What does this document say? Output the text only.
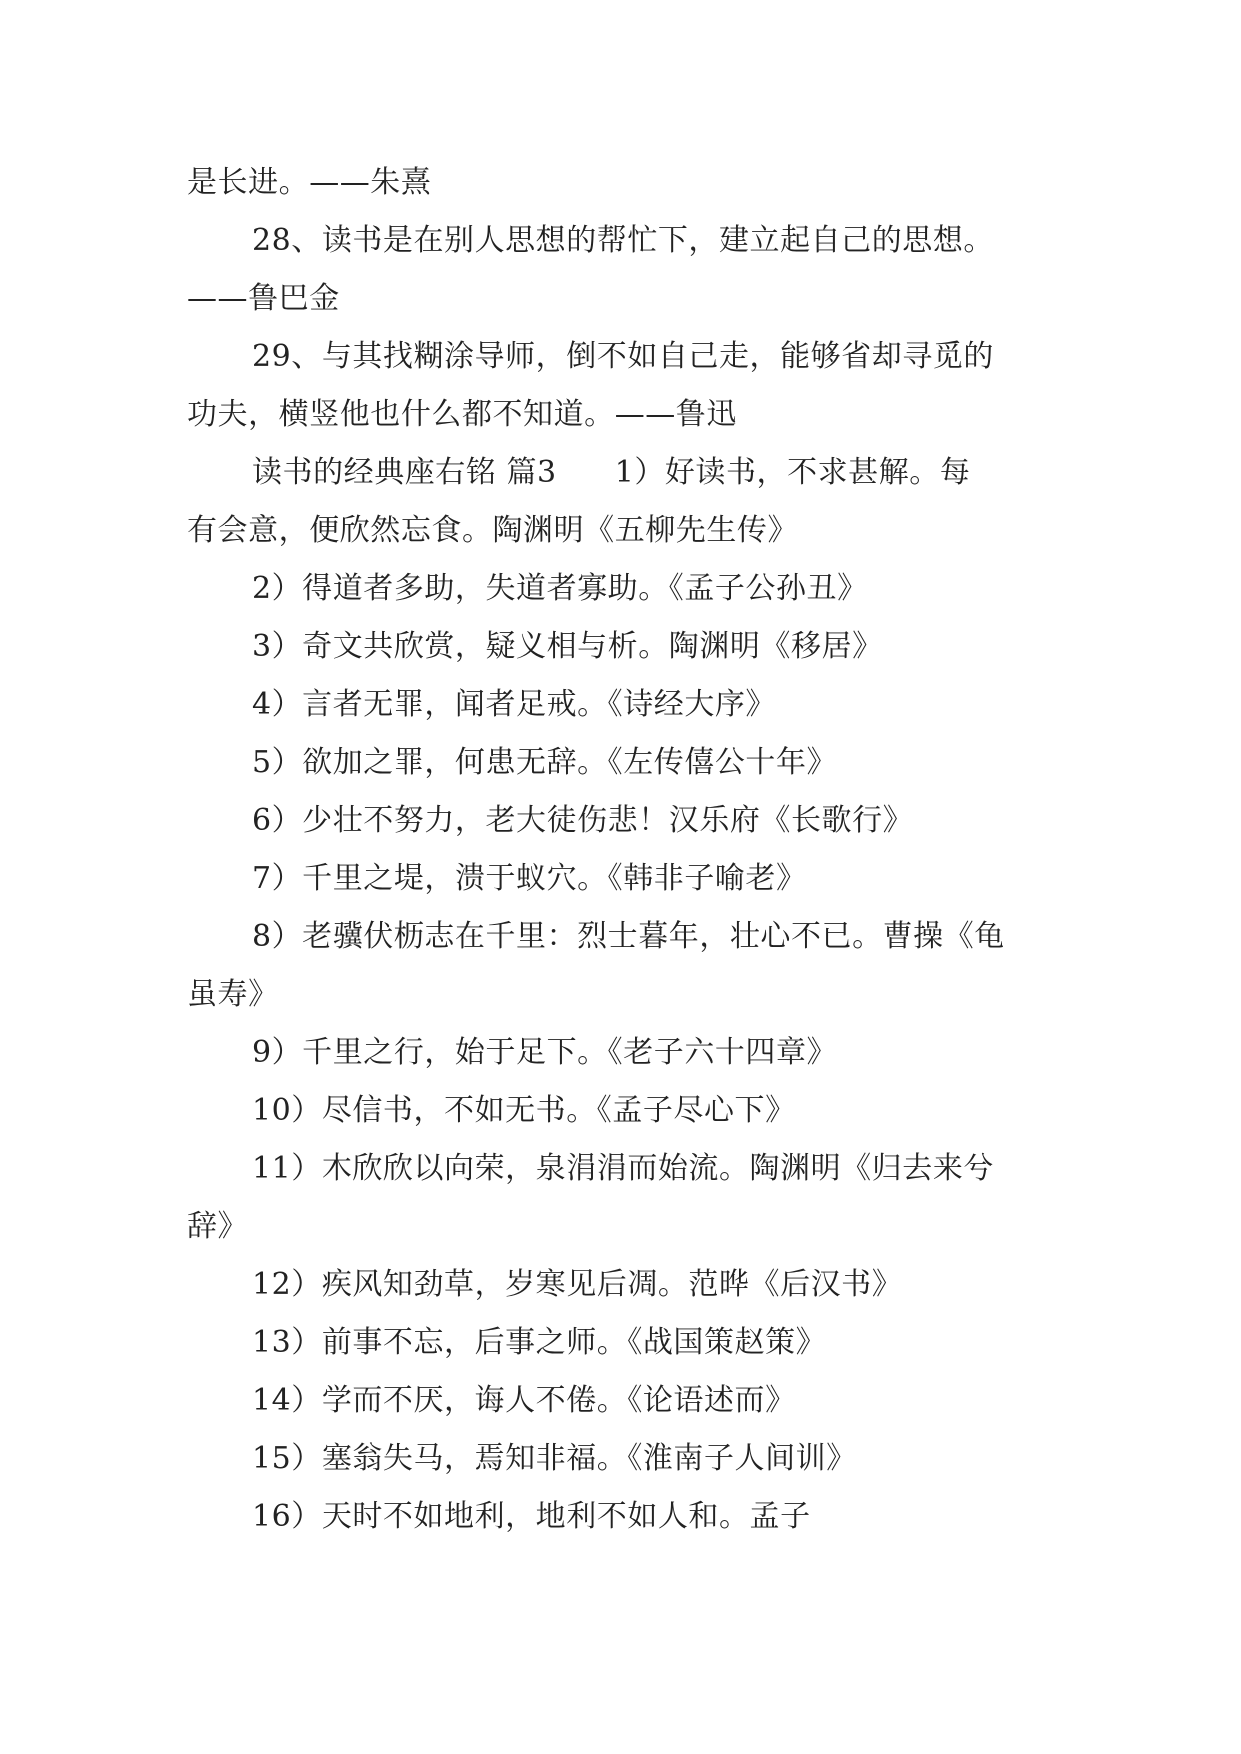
是长进。——朱熹
28、读书是在别人思想的帮忙下，建立起自己的思想。
——鲁巴金
29、与其找糊涂导师，倒不如自己走，能够省却寻觅的
功夫，横竖他也什么都不知道。——鲁迅
读书的经典座右铭 篇3 1）好读书，不求甚解。每
有会意，便欣然忘食。陶渊明《五柳先生传》
2）得道者多助，失道者寡助。《孟子公孙丑》
3）奇文共欣赏，疑义相与析。陶渊明《移居》
4）言者无罪，闻者足戒。《诗经大序》
5）欲加之罪，何患无辞。《左传僖公十年》
6）少壮不努力，老大徒伤悲！汉乐府《长歌行》
7）千里之堤，溃于蚁穴。《韩非子喻老》
8）老骥伏枥志在千里：烈士暮年，壮心不已。曹操《龟
虽寿》
9）千里之行，始于足下。《老子六十四章》
10）尽信书，不如无书。《孟子尽心下》
11）木欣欣以向荣，泉涓涓而始流。陶渊明《归去来兮
辞》
12）疾风知劲草，岁寒见后凋。范晔《后汉书》
13）前事不忘，后事之师。《战国策赵策》
14）学而不厌，诲人不倦。《论语述而》
15）塞翁失马，焉知非福。《淮南子人间训》
16）天时不如地利，地利不如人和。孟子
